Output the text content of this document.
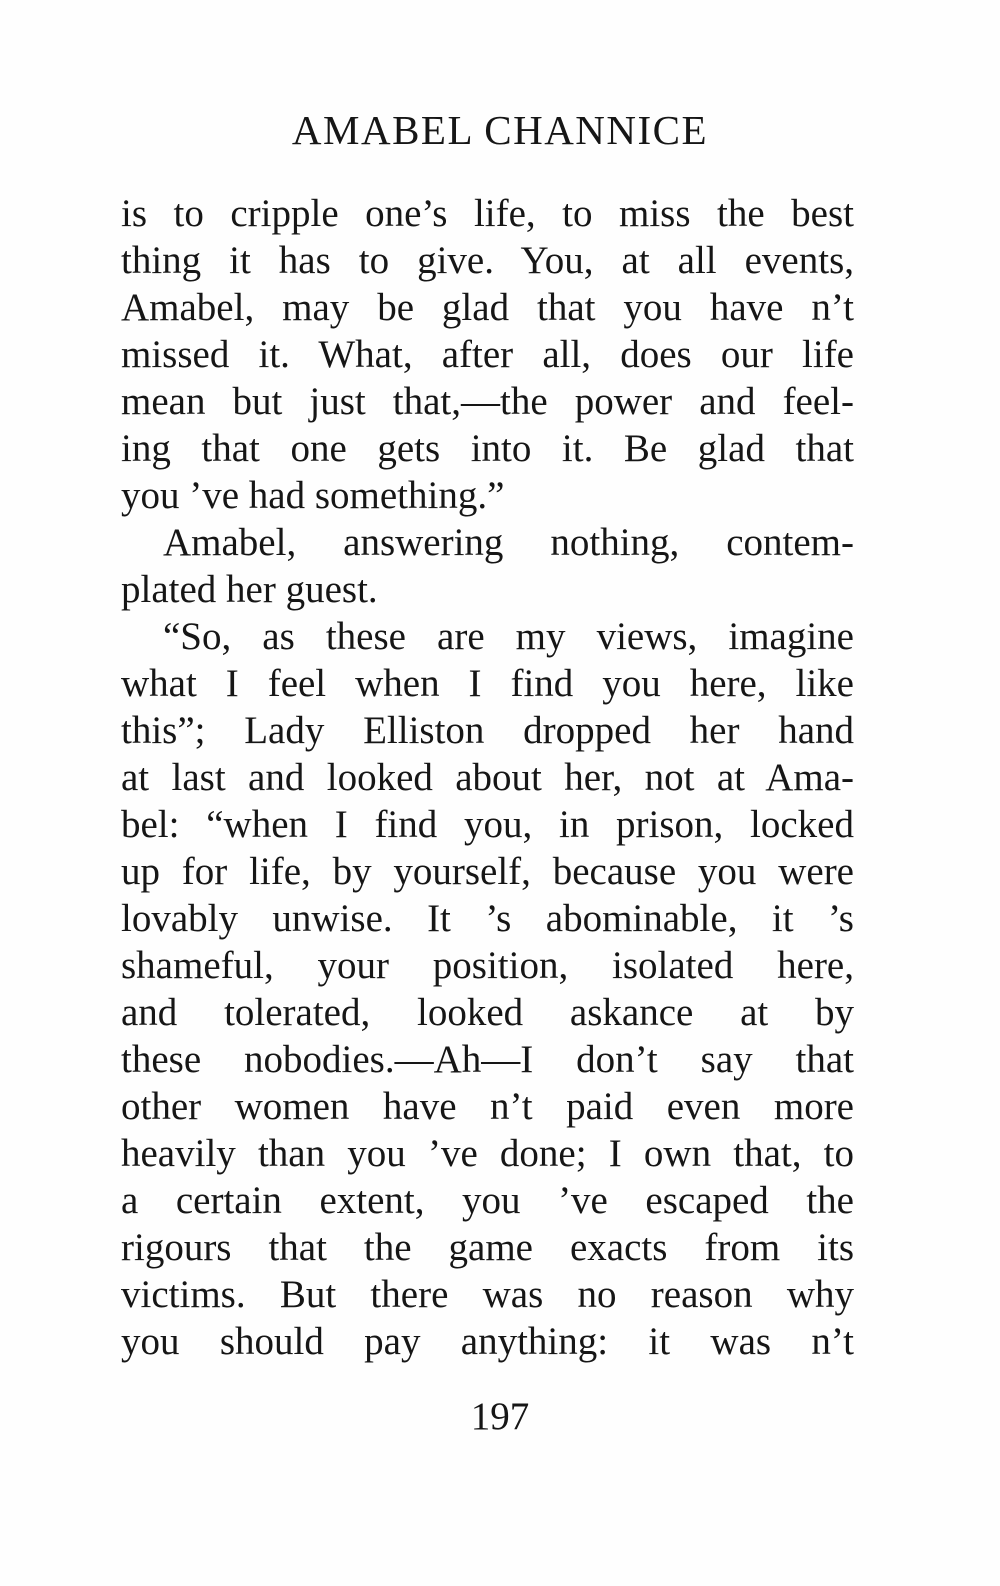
AMABEL CHANNICE
is to cripple one’s life, to miss the best
thing it has to give. You, at all events,
Amabel, may be glad that you have n’t
missed it. What, after all, does our life
mean but just that,—the power and feel-
ing that one gets into it. Be glad that
you ’ve had something.”
Amabel, answering nothing, contem-
plated her guest.
“So, as these are my views, imagine
what I feel when I find you here, like
this”; Lady Elliston dropped her hand
at last and looked about her, not at Ama-
bel: “when I find you, in prison, locked
up for life, by yourself, because you were
lovably unwise. It ’s abominable, it ’s
shameful, your position, isolated here,
and tolerated, looked askance at by
these nobodies.—Ah—I don’t say that
other women have n’t paid even more
heavily than you ’ve done; I own that, to
a certain extent, you ’ve escaped the
rigours that the game exacts from its
victims. But there was no reason why
you should pay anything: it was n’t
197
